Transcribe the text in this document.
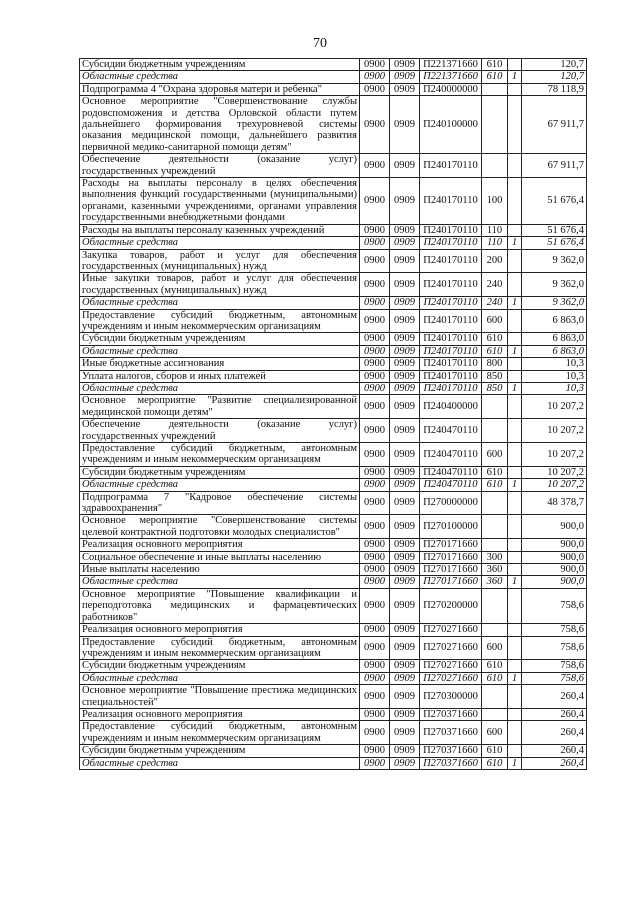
70
Субсидии бюджетным учреждениям	0900	0909	П221371660	610		120,7
Областные средства	0900	0909	П221371660	610	1	120,7
Подпрограмма 4 "Охрана здоровья матери и ребенка"	0900	0909	П240000000			78 118,9
Основное мероприятие "Совершенствование службы родовспоможения и детства Орловской области путем дальнейшего формирования трехуровневой системы оказания медицинской помощи, дальнейшего развития первичной медико-санитарной помощи детям"	0900	0909	П240100000			67 911,7
Обеспечение деятельности (оказание услуг) государственных учреждений	0900	0909	П240170110			67 911,7
Расходы на выплаты персоналу в целях обеспечения выполнения функций государственными (муниципальными) органами, казенными учреждениями, органами управления государственными внебюджетными фондами	0900	0909	П240170110	100		51 676,4
Расходы на выплаты персоналу казенных учреждений	0900	0909	П240170110	110		51 676,4
Областные средства	0900	0909	П240170110	110	1	51 676,4
Закупка товаров, работ и услуг для обеспечения государственных (муниципальных) нужд	0900	0909	П240170110	200		9 362,0
Иные закупки товаров, работ и услуг для обеспечения государственных (муниципальных) нужд	0900	0909	П240170110	240		9 362,0
Областные средства	0900	0909	П240170110	240	1	9 362,0
Предоставление субсидий бюджетным, автономным учреждениям и иным некоммерческим организациям	0900	0909	П240170110	600		6 863,0
Субсидии бюджетным учреждениям	0900	0909	П240170110	610		6 863,0
Областные средства	0900	0909	П240170110	610	1	6 863,0
Иные бюджетные ассигнования	0900	0909	П240170110	800		10,3
Уплата налогов, сборов и иных платежей	0900	0909	П240170110	850		10,3
Областные средства	0900	0909	П240170110	850	1	10,3
Основное мероприятие "Развитие специализированной медицинской помощи детям"	0900	0909	П240400000			10 207,2
Обеспечение деятельности (оказание услуг) государственных учреждений	0900	0909	П240470110			10 207,2
Предоставление субсидий бюджетным, автономным учреждениям и иным некоммерческим организациям	0900	0909	П240470110	600		10 207,2
Субсидии бюджетным учреждениям	0900	0909	П240470110	610		10 207,2
Областные средства	0900	0909	П240470110	610	1	10 207,2
Подпрограмма 7 "Кадровое обеспечение системы здравоохранения"	0900	0909	П270000000			48 378,7
Основное мероприятие "Совершенствование системы целевой контрактной подготовки молодых специалистов"	0900	0909	П270100000			900,0
Реализация основного мероприятия	0900	0909	П270171660			900,0
Социальное обеспечение и иные выплаты населению	0900	0909	П270171660	300		900,0
Иные выплаты населению	0900	0909	П270171660	360		900,0
Областные средства	0900	0909	П270171660	360	1	900,0
Основное мероприятие "Повышение квалификации и переподготовка медицинских и фармацевтических работников"	0900	0909	П270200000			758,6
Реализация основного мероприятия	0900	0909	П270271660			758,6
Предоставление субсидий бюджетным, автономным учреждениям и иным некоммерческим организациям	0900	0909	П270271660	600		758,6
Субсидии бюджетным учреждениям	0900	0909	П270271660	610		758,6
Областные средства	0900	0909	П270271660	610	1	758,6
Основное мероприятие "Повышение престижа медицинских специальностей"	0900	0909	П270300000			260,4
Реализация основного мероприятия	0900	0909	П270371660			260,4
Предоставление субсидий бюджетным, автономным учреждениям и иным некоммерческим организациям	0900	0909	П270371660	600		260,4
Субсидии бюджетным учреждениям	0900	0909	П270371660	610		260,4
Областные средства	0900	0909	П270371660	610	1	260,4
